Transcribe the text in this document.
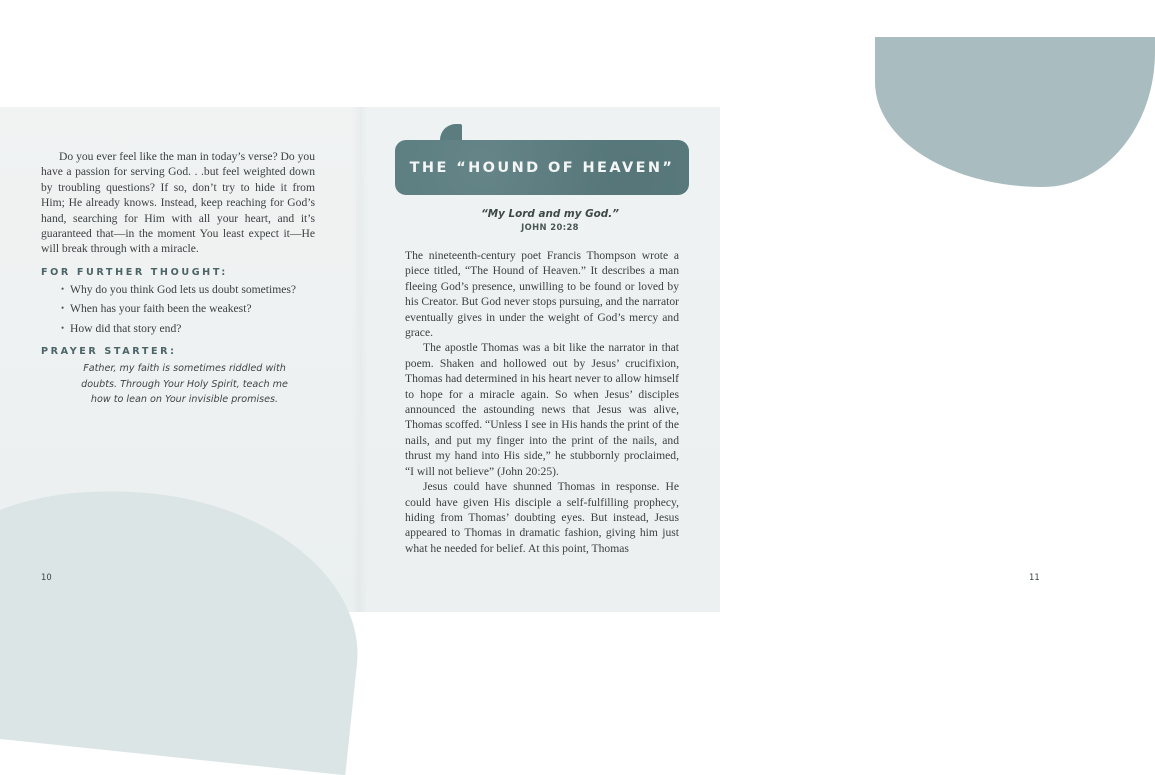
Do you ever feel like the man in today’s verse? Do you have a passion for serving God. . .but feel weighted down by troubling questions? If so, don’t try to hide it from Him; He already knows. Instead, keep reaching for God’s hand, searching for Him with all your heart, and it’s guaranteed that—in the moment You least expect it—He will break through with a miracle.

FOR FURTHER THOUGHT:
• Why do you think God lets us doubt sometimes?
• When has your faith been the weakest?
• How did that story end?
PRAYER STARTER:

Father, my faith is sometimes riddled with doubts. Through Your Holy Spirit, teach me how to lean on Your invisible promises.

10	11
THE “HOUND OF HEAVEN”
“My Lord and my God.”
JOHN 20:28

The nineteenth-century poet Francis Thompson wrote a piece titled, “The Hound of Heaven.” It describes a man fleeing God’s presence, unwilling to be found or loved by his Creator. But God never stops pursuing, and the narrator eventually gives in under the weight of God’s mercy and grace.

The apostle Thomas was a bit like the narrator in that poem. Shaken and hollowed out by Jesus’ crucifixion, Thomas had determined in his heart never to allow himself to hope for a miracle again. So when Jesus’ disciples announced the astounding news that Jesus was alive, Thomas scoffed. “Unless I see in His hands the print of the nails, and put my finger into the print of the nails, and thrust my hand into His side,” he stubbornly proclaimed, “I will not believe” (John 20:25).

Jesus could have shunned Thomas in response. He could have given His disciple a self-fulfilling prophecy, hiding from Thomas’ doubting eyes. But instead, Jesus appeared to Thomas in dramatic fashion, giving him just what he needed for belief. At this point, Thomas
